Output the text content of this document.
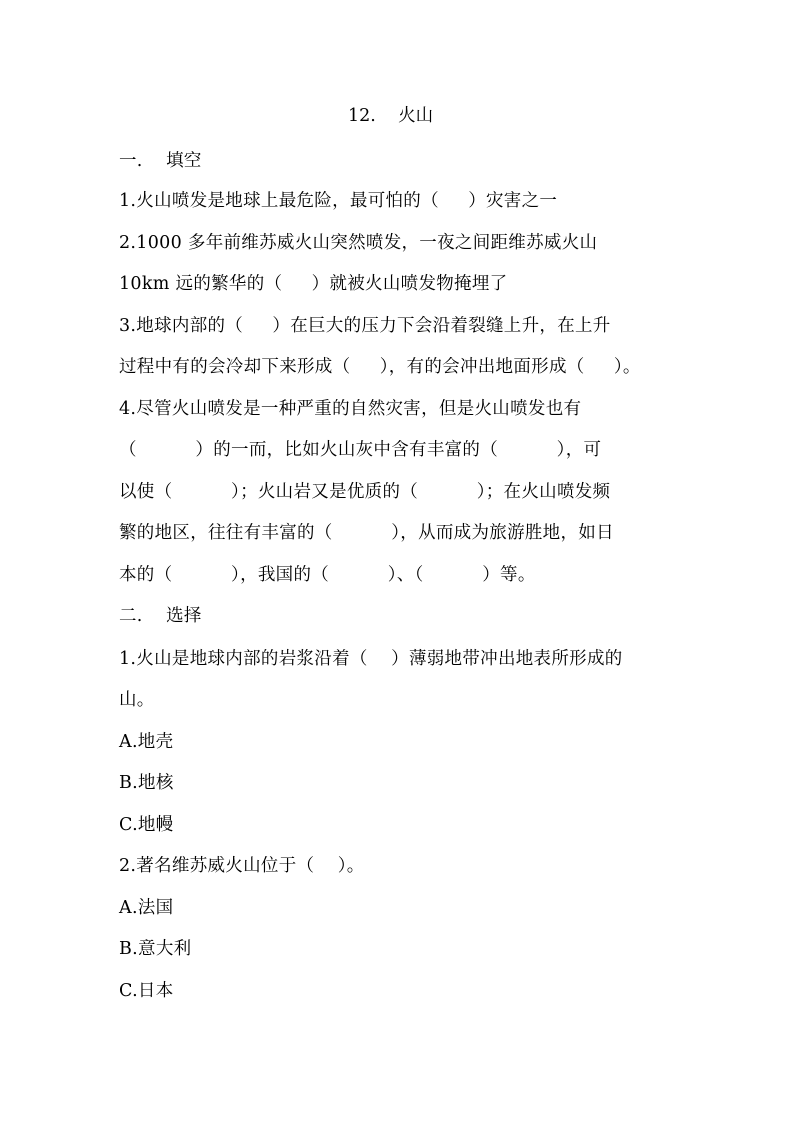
12.    火山
一.    填空
1.火山喷发是地球上最危险，最可怕的（     ）灾害之一
2.1000 多年前维苏威火山突然喷发，一夜之间距维苏威火山
10km 远的繁华的（     ）就被火山喷发物掩埋了
3.地球内部的（     ）在巨大的压力下会沿着裂缝上升，在上升
过程中有的会冷却下来形成（     ），有的会冲出地面形成（     ）。
4.尽管火山喷发是一种严重的自然灾害，但是火山喷发也有
（          ）的一而，比如火山灰中含有丰富的（          ），可
以使（          ）；火山岩又是优质的（          ）；在火山喷发频
繁的地区，往往有丰富的（          ），从而成为旅游胜地，如日
本的（          ），我国的（          ）、（          ）等。
二.    选择
1.火山是地球内部的岩浆沿着（    ）薄弱地带冲出地表所形成的
山。
A.地壳
B.地核
C.地幔
2.著名维苏威火山位于（    ）。
A.法国
B.意大利
C.日本
